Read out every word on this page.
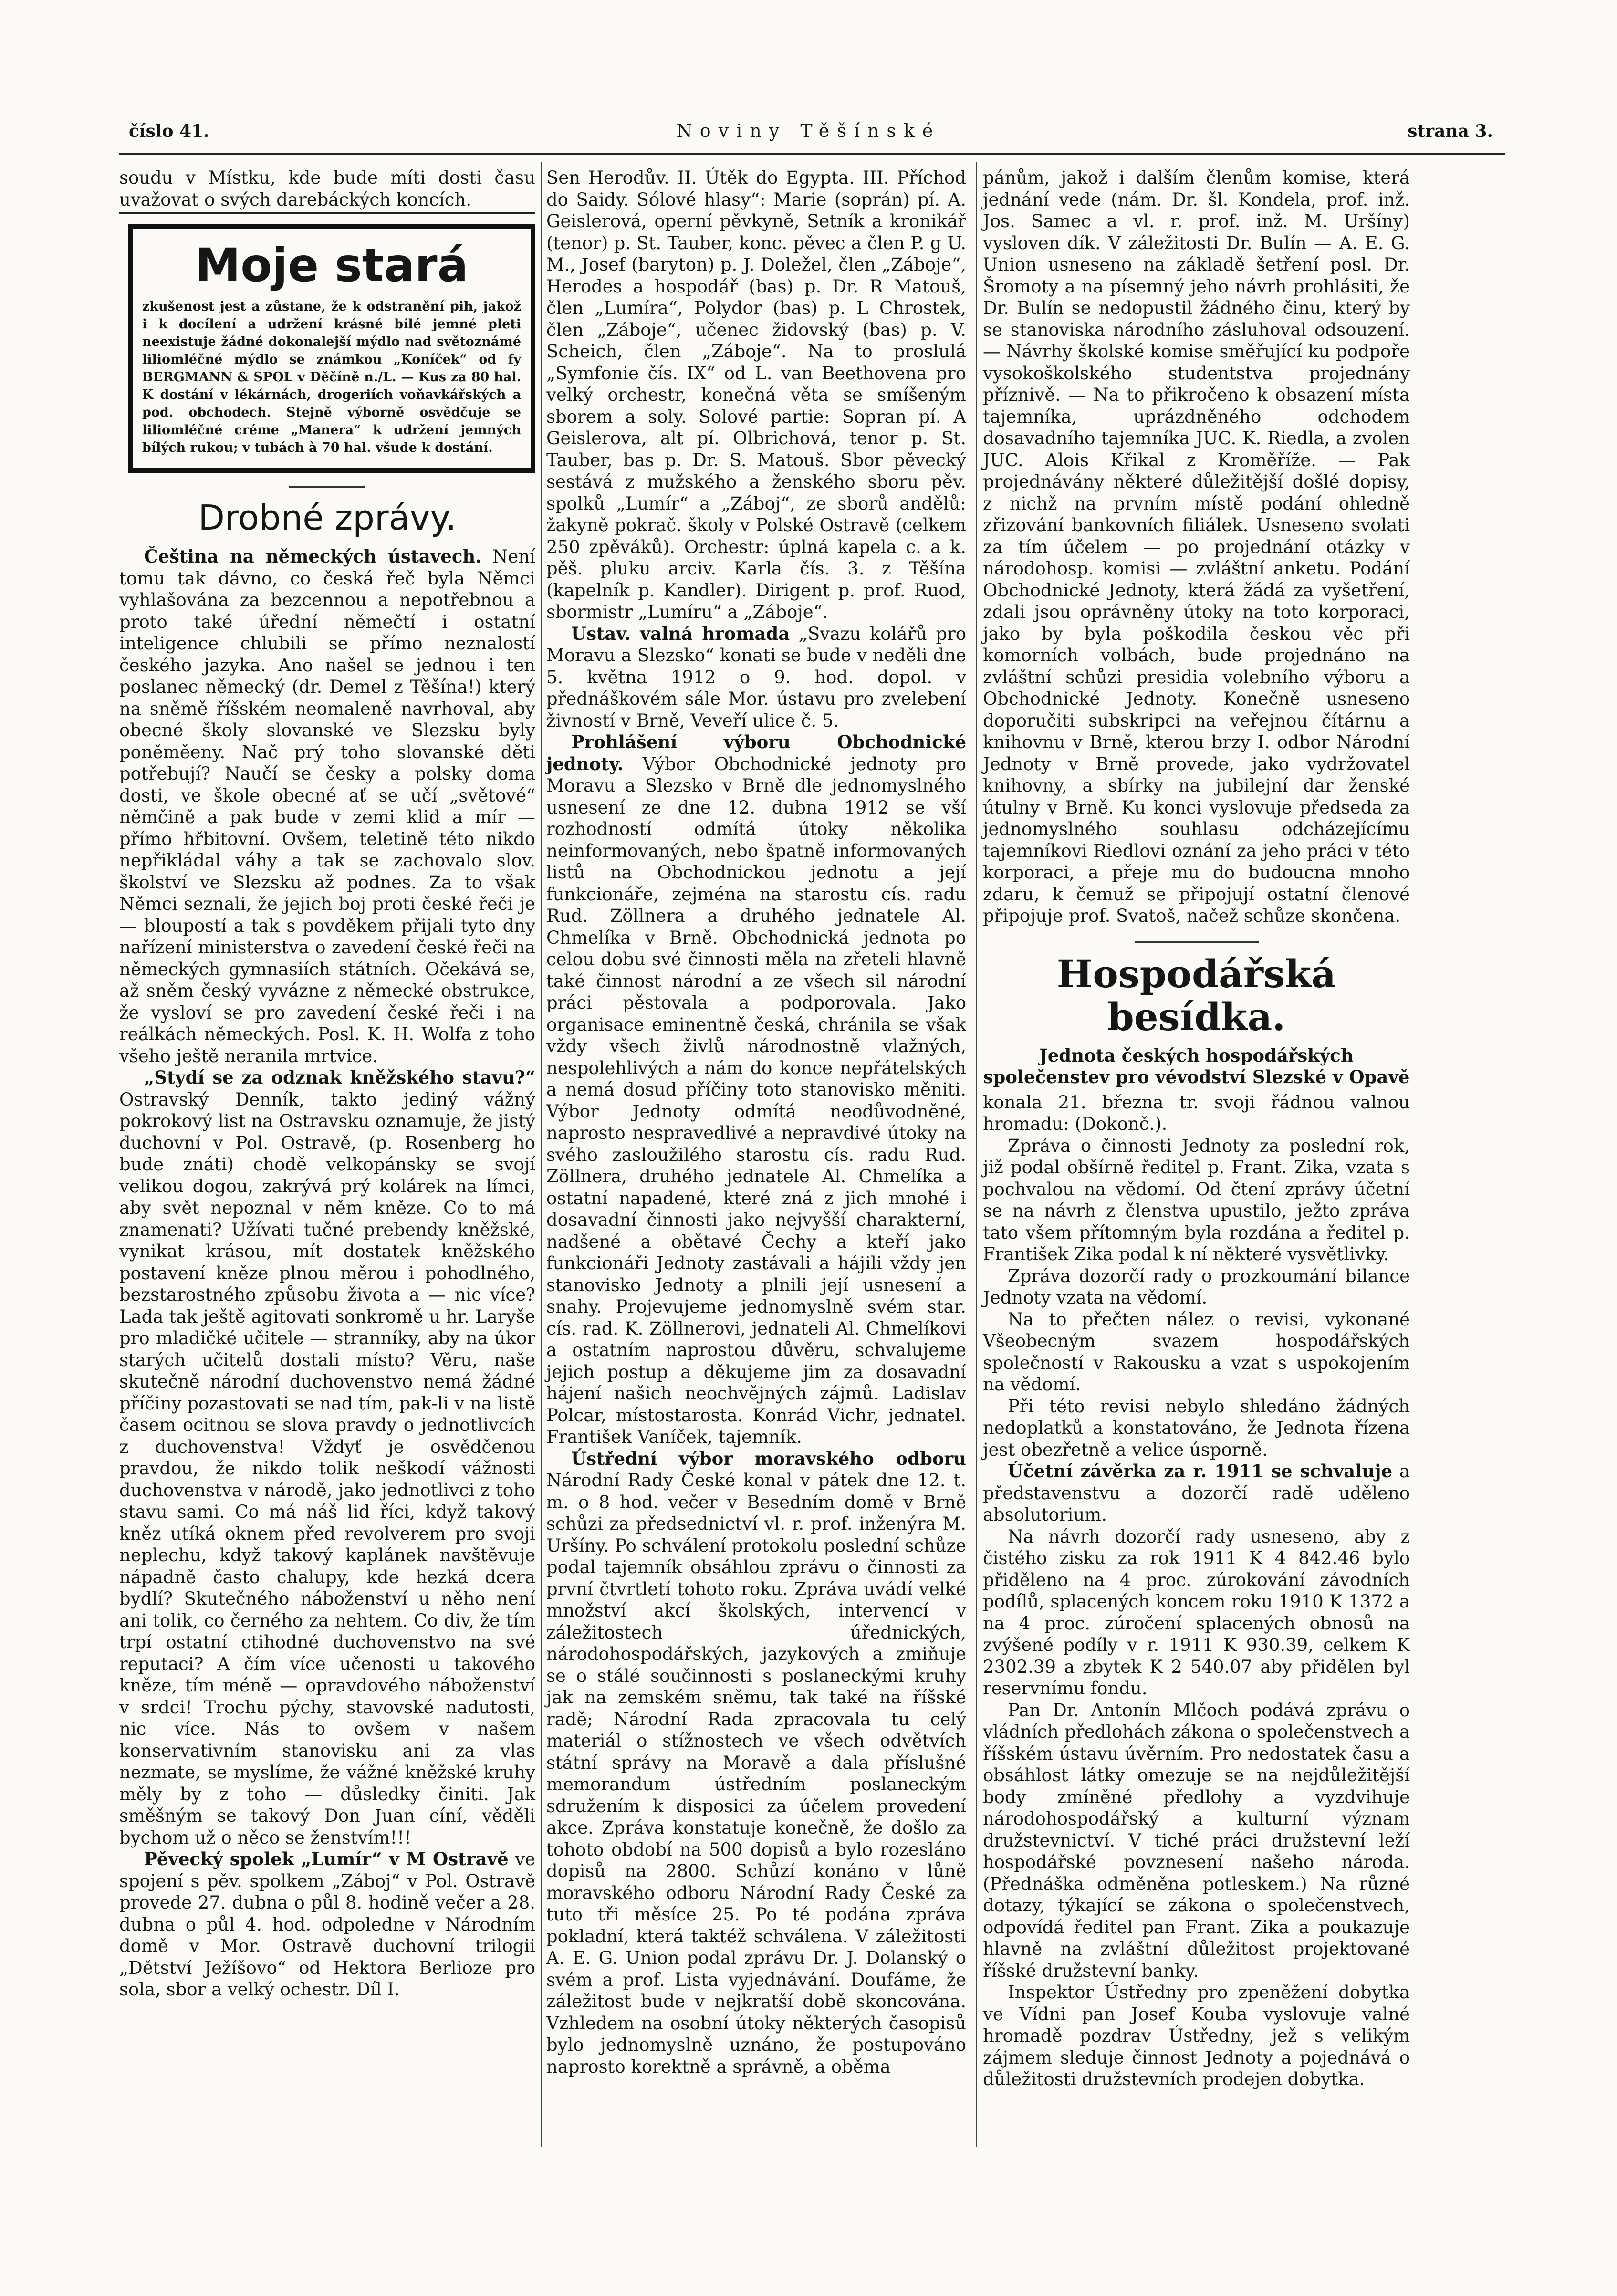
číslo 41.	Noviny Těšínské	strana 3.

soudu v Místku, kde bude míti dosti času uvažovat o svých darebáckých koncích.

Moje stará

zkušenost jest a zůstane, že k odstranění pih, jakož i k docílení a udržení krásné bílé jemné pleti neexistuje žádné dokonalejší mýdlo nad světoznámé liliomléčné mýdlo se známkou „Koníček“ od fy BERGMANN & SPOL v Děčíně n./L. — Kus za 80 hal. K dostání v lékárnách, drogeriích voňavkářských a pod. obchodech. Stejně výborně osvědčuje se liliomléčné créme „Manera“ k udržení jemných bílých rukou; v tubách à 70 hal. všude k dostání.

Drobné zprávy.

Čeština na německých ústavech. Není tomu tak dávno, co česká řeč byla Němci vyhlašována za bezcennou a nepotřebnou a proto také úřední němečtí i ostatní inteligence chlubili se přímo neznalostí českého jazyka. Ano našel se jednou i ten poslanec německý (dr. Demel z Těšína!) který na sněmě říšském neomaleně navrhoval, aby obecné školy slovanské ve Slezsku byly poněměeny. Nač prý toho slovanské děti potřebují? Naučí se česky a polsky doma dosti, ve škole obecné ať se učí „světové“ němčině a pak bude v zemi klid a mír — přímo hřbitovní. Ovšem, teletině této nikdo nepřikládal váhy a tak se zachovalo slov. školství ve Slezsku až podnes. Za to však Němci seznali, že jejich boj proti české řeči je — bloupostí a tak s povděkem přijali tyto dny nařízení ministerstva o zavedení české řeči na německých gymnasiích státních. Očekává se, až sněm český vyvázne z německé obstrukce, že vysloví se pro zavedení české řeči i na reálkách německých. Posl. K. H. Wolfa z toho všeho ještě neranila mrtvice.

„Stydí se za odznak kněžského stavu?“ Ostravský Denník, takto jediný vážný pokrokový list na Ostravsku oznamuje, že jistý duchovní v Pol. Ostravě, (p. Rosenberg ho bude znáti) chodě velkopánsky se svojí velikou dogou, zakrývá prý kolárek na límci, aby svět nepoznal v něm kněze. Co to má znamenati? Užívati tučné prebendy kněžské, vynikat krásou, mít dostatek kněžského postavení kněze plnou měrou i pohodlného, bezstarostného způsobu života a — nic více? Lada tak ještě agitovati sonkromě u hr. Laryše pro mladičké učitele — stranníky, aby na úkor starých učitelů dostali místo? Věru, naše skutečně národní duchovenstvo nemá žádné příčiny pozastovati se nad tím, pak-li v na listě časem ocitnou se slova pravdy o jednotlivcích z duchovenstva! Vždyť je osvědčenou pravdou, že nikdo tolik neškodí vážnosti duchovenstva v národě, jako jednotlivci z toho stavu sami. Co má náš lid říci, když takový kněz utíká oknem před revolverem pro svoji neplechu, když takový kaplánek navštěvuje nápadně často chalupy, kde hezká dcera bydlí? Skutečného náboženství u něho není ani tolik, co černého za nehtem. Co div, že tím trpí ostatní ctihodné duchovenstvo na své reputaci? A čím více učenosti u takového kněze, tím méně — opravdového náboženství v srdci! Trochu pýchy, stavovské nadutosti, nic více. Nás to ovšem v našem konservativním stanovisku ani za vlas nezmate, se myslíme, že vážné kněžské kruhy měly by z toho — důsledky činiti. Jak směšným se takový Don Juan cíní, věděli bychom už o něco se ženstvím!!!

Pěvecký spolek „Lumír“ v M Ostravě ve spojení s pěv. spolkem „Záboj“ v Pol. Ostravě provede 27. dubna o půl 8. hodině večer a 28. dubna o půl 4. hod. odpoledne v Národním domě v Mor. Ostravě duchovní trilogii „Dětství Ježíšovo“ od Hektora Berlioze pro sola, sbor a velký ochestr. Díl I.

Sen Herodův. II. Útěk do Egypta. III. Příchod do Saidy. Sólové hlasy“: Marie (soprán) pí. A. Geislerová, operní pěvkyně, Setník a kronikář (tenor) p. St. Tauber, konc. pěvec a člen P. g U. M., Josef (baryton) p. J. Doležel, člen „Záboje“, Herodes a hospodář (bas) p. Dr. R Matouš, člen „Lumíra“, Polydor (bas) p. L Chrostek, člen „Záboje“, učenec židovský (bas) p. V. Scheich, člen „Záboje“. Na to proslulá „Symfonie čís. IX“ od L. van Beethovena pro velký orchestr, konečná věta se smíšeným sborem a soly. Solové partie: Sopran pí. A Geislerova, alt pí. Olbrichová, tenor p. St. Tauber, bas p. Dr. S. Matouš. Sbor pěvecký sestává z mužského a ženského sboru pěv. spolků „Lumír“ a „Záboj“, ze sborů andělů: žakyně pokrač. školy v Polské Ostravě (celkem 250 zpěváků). Orchestr: úplná kapela c. a k. pěš. pluku arciv. Karla čís. 3. z Těšína (kapelník p. Kandler). Dirigent p. prof. Ruod, sbormistr „Lumíru“ a „Záboje“.

Ustav. valná hromada „Svazu kolářů pro Moravu a Slezsko“ konati se bude v neděli dne 5. května 1912 o 9. hod. dopol. v přednáškovém sále Mor. ústavu pro zvelebení živností v Brně, Veveří ulice č. 5.

Prohlášení výboru Obchodnické jednoty. Výbor Obchodnické jednoty pro Moravu a Slezsko v Brně dle jednomyslného usnesení ze dne 12. dubna 1912 se vší rozhodností odmítá útoky několika neinformovaných, nebo špatně informovaných listů na Obchodnickou jednotu a její funkcionáře, zejména na starostu cís. radu Rud. Zöllnera a druhého jednatele Al. Chmelíka v Brně. Obchodnická jednota po celou dobu své činnosti měla na zřeteli hlavně také činnost národní a ze všech sil národní práci pěstovala a podporovala. Jako organisace eminentně česká, chránila se však vždy všech živlů národnostně vlažných, nespolehlivých a nám do konce nepřátelských a nemá dosud příčiny toto stanovisko měniti. Výbor Jednoty odmítá neodůvodněné, naprosto nespravedlivé a nepravdivé útoky na svého zasloužilého starostu cís. radu Rud. Zöllnera, druhého jednatele Al. Chmelíka a ostatní napadené, které zná z jich mnohé i dosavadní činnosti jako nejvyšší charakterní, nadšené a obětavé Čechy a kteří jako funkcionáři Jednoty zastávali a hájili vždy jen stanovisko Jednoty a plnili její usnesení a snahy. Projevujeme jednomyslně svém star. cís. rad. K. Zöllnerovi, jednateli Al. Chmelíkovi a ostatním naprostou důvěru, schvalujeme jejich postup a děkujeme jim za dosavadní hájení našich neochvějných zájmů. Ladislav Polcar, místostarosta. Konrád Vichr, jednatel. František Vaníček, tajemník.

Ústřední výbor moravského odboru Národní Rady České konal v pátek dne 12. t. m. o 8 hod. večer v Besedním domě v Brně schůzi za předsednictví vl. r. prof. inženýra M. Uršíny. Po schválení protokolu poslední schůze podal tajemník obsáhlou zprávu o činnosti za první čtvrtletí tohoto roku. Zpráva uvádí velké množství akcí školských, intervencí v záležitostech úřednických, národohospodářských, jazykových a zmiňuje se o stálé součinnosti s poslaneckými kruhy jak na zemském sněmu, tak také na říšské radě; Národní Rada zpracovala tu celý materiál o stížnostech ve všech odvětvích státní správy na Moravě a dala příslušné memorandum ústředním poslaneckým sdružením k disposici za účelem provedení akce. Zpráva konstatuje konečně, že došlo za tohoto období na 500 dopisů a bylo rozesláno dopisů na 2800. Schůzí konáno v lůně moravského odboru Národní Rady České za tuto tři měsíce 25. Po té podána zpráva pokladní, která taktéž schválena. V záležitosti A. E. G. Union podal zprávu Dr. J. Dolanský o svém a prof. Lista vyjednávání. Doufáme, že záležitost bude v nejkratší době skoncována. Vzhledem na osobní útoky některých časopisů bylo jednomyslně uznáno, že postupováno naprosto korektně a správně, a oběma

pánům, jakož i dalším členům komise, která jednání vede (nám. Dr. šl. Kondela, prof. inž. Jos. Samec a vl. r. prof. inž. M. Uršíny) vysloven dík. V záležitosti Dr. Bulín — A. E. G. Union usneseno na základě šetření posl. Dr. Šromoty a na písemný jeho návrh prohlásiti, že Dr. Bulín se nedopustil žádného činu, který by se stanoviska národního zásluhoval odsouzení. — Návrhy školské komise směřující ku podpoře vysokoškolského studentstva projednány příznivě. — Na to přikročeno k obsazení místa tajemníka, uprázdněného odchodem dosavadního tajemníka JUC. K. Riedla, a zvolen JUC. Alois Křikal z Kroměříže. — Pak projednávány některé důležitější došlé dopisy, z nichž na prvním místě podání ohledně zřizování bankovních filiálek. Usneseno svolati za tím účelem — po projednání otázky v národohosp. komisi — zvláštní anketu. Podání Obchodnické Jednoty, která žádá za vyšetření, zdali jsou oprávněny útoky na toto korporaci, jako by byla poškodila českou věc při komorních volbách, bude projednáno na zvláštní schůzi presidia volebního výboru a Obchodnické Jednoty. Konečně usneseno doporučiti subskripci na veřejnou čítárnu a knihovnu v Brně, kterou brzy I. odbor Národní Jednoty v Brně provede, jako vydržovatel knihovny, a sbírky na jubilejní dar ženské útulny v Brně. Ku konci vyslovuje předseda za jednomyslného souhlasu odcházejícímu tajemníkovi Riedlovi oznání za jeho práci v této korporaci, a přeje mu do budoucna mnoho zdaru, k čemuž se připojují ostatní členové připojuje prof. Svatoš, načež schůze skončena.

Hospodářská besídka.
Jednota českých hospodářských společenstev pro vévodství Slezské v Opavě

konala 21. března tr. svoji řádnou valnou hromadu: (Dokonč.).

Zpráva o činnosti Jednoty za poslední rok, již podal obšírně ředitel p. Frant. Zika, vzata s pochvalou na vědomí. Od čtení zprávy účetní se na návrh z členstva upustilo, ježto zpráva tato všem přítomným byla rozdána a ředitel p. František Zika podal k ní některé vysvětlivky.

Zpráva dozorčí rady o prozkoumání bilance Jednoty vzata na vědomí.

Na to přečten nález o revisi, vykonané Všeobecným svazem hospodářských společností v Rakousku a vzat s uspokojením na vědomí.

Při této revisi nebylo shledáno žádných nedoplatků a konstatováno, že Jednota řízena jest obezřetně a velice úsporně.

Účetní závěrka za r. 1911 se schvaluje a představenstvu a dozorčí radě uděleno absolutorium.

Na návrh dozorčí rady usneseno, aby z čistého zisku za rok 1911 K 4 842.46 bylo přiděleno na 4 proc. zúrokování závodních podílů, splacených koncem roku 1910 K 1372 a na 4 proc. zúročení splacených obnosů na zvýšené podíly v r. 1911 K 930.39, celkem K 2302.39 a zbytek K 2 540.07 aby přidělen byl reservnímu fondu.

Pan Dr. Antonín Mlčoch podává zprávu o vládních předlohách zákona o společenstvech a říšském ústavu úvěrním. Pro nedostatek času a obsáhlost látky omezuje se na nejdůležitější body zmíněné předlohy a vyzdvihuje národohospodářský a kulturní význam družstevnictví. V tiché práci družstevní leží hospodářské povznesení našeho národa. (Přednáška odměněna potleskem.) Na různé dotazy, týkající se zákona o společenstvech, odpovídá ředitel pan Frant. Zika a poukazuje hlavně na zvláštní důležitost projektované říšské družstevní banky.

Inspektor Ústředny pro zpeněžení dobytka ve Vídni pan Josef Kouba vyslovuje valné hromadě pozdrav Ústředny, jež s velikým zájmem sleduje činnost Jednoty a pojednává o důležitosti družstevních prodejen dobytka.
